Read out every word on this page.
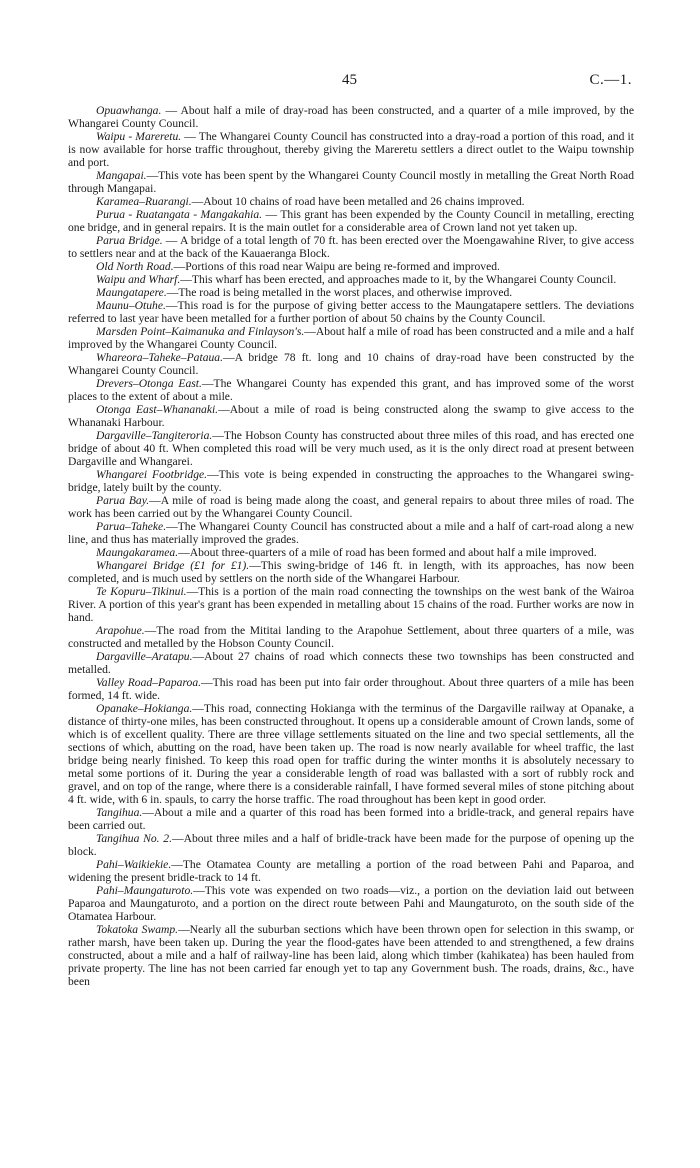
45	C.—1.

Opuawhanga. — About half a mile of dray-road has been constructed, and a quarter of a mile improved, by the Whangarei County Council.

Waipu - Mareretu. — The Whangarei County Council has constructed into a dray-road a portion of this road, and it is now available for horse traffic throughout, thereby giving the Mareretu settlers a direct outlet to the Waipu township and port.

Mangapai.—This vote has been spent by the Whangarei County Council mostly in metalling the Great North Road through Mangapai.

Karamea–Ruarangi.—About 10 chains of road have been metalled and 26 chains improved.

Purua - Ruatangata - Mangakahia. — This grant has been expended by the County Council in metalling, erecting one bridge, and in general repairs. It is the main outlet for a considerable area of Crown land not yet taken up.

Parua Bridge. — A bridge of a total length of 70 ft. has been erected over the Moengawahine River, to give access to settlers near and at the back of the Kauaeranga Block.

Old North Road.—Portions of this road near Waipu are being re-formed and improved.

Waipu and Wharf.—This wharf has been erected, and approaches made to it, by the Whangarei County Council.

Maungatapere.—The road is being metalled in the worst places, and otherwise improved.

Maunu–Otuhe.—This road is for the purpose of giving better access to the Maungatapere settlers. The deviations referred to last year have been metalled for a further portion of about 50 chains by the County Council.

Marsden Point–Kaimanuka and Finlayson's.—About half a mile of road has been constructed and a mile and a half improved by the Whangarei County Council.

Whareora–Taheke–Pataua.—A bridge 78 ft. long and 10 chains of dray-road have been constructed by the Whangarei County Council.

Drevers–Otonga East.—The Whangarei County has expended this grant, and has improved some of the worst places to the extent of about a mile.

Otonga East–Whananaki.—About a mile of road is being constructed along the swamp to give access to the Whananaki Harbour.

Dargaville–Tangiteroria.—The Hobson County has constructed about three miles of this road, and has erected one bridge of about 40 ft. When completed this road will be very much used, as it is the only direct road at present between Dargaville and Whangarei.

Whangarei Footbridge.—This vote is being expended in constructing the approaches to the Whangarei swing-bridge, lately built by the county.

Parua Bay.—A mile of road is being made along the coast, and general repairs to about three miles of road. The work has been carried out by the Whangarei County Council.

Parua–Taheke.—The Whangarei County Council has constructed about a mile and a half of cart-road along a new line, and thus has materially improved the grades.

Maungakaramea.—About three-quarters of a mile of road has been formed and about half a mile improved.

Whangarei Bridge (£1 for £1).—This swing-bridge of 146 ft. in length, with its approaches, has now been completed, and is much used by settlers on the north side of the Whangarei Harbour.

Te Kopuru–Tikinui.—This is a portion of the main road connecting the townships on the west bank of the Wairoa River. A portion of this year's grant has been expended in metalling about 15 chains of the road. Further works are now in hand.

Arapohue.—The road from the Mititai landing to the Arapohue Settlement, about three quarters of a mile, was constructed and metalled by the Hobson County Council.

Dargaville–Aratapu.—About 27 chains of road which connects these two townships has been constructed and metalled.

Valley Road–Paparoa.—This road has been put into fair order throughout. About three quarters of a mile has been formed, 14 ft. wide.

Opanake–Hokianga.—This road, connecting Hokianga with the terminus of the Dargaville railway at Opanake, a distance of thirty-one miles, has been constructed throughout. It opens up a considerable amount of Crown lands, some of which is of excellent quality. There are three village settlements situated on the line and two special settlements, all the sections of which, abutting on the road, have been taken up. The road is now nearly available for wheel traffic, the last bridge being nearly finished. To keep this road open for traffic during the winter months it is absolutely necessary to metal some portions of it. During the year a considerable length of road was ballasted with a sort of rubbly rock and gravel, and on top of the range, where there is a considerable rainfall, I have formed several miles of stone pitching about 4 ft. wide, with 6 in. spauls, to carry the horse traffic. The road throughout has been kept in good order.

Tangihua.—About a mile and a quarter of this road has been formed into a bridle-track, and general repairs have been carried out.

Tangihua No. 2.—About three miles and a half of bridle-track have been made for the purpose of opening up the block.

Pahi–Waikiekie.—The Otamatea County are metalling a portion of the road between Pahi and Paparoa, and widening the present bridle-track to 14 ft.

Pahi–Maungaturoto.—This vote was expended on two roads—viz., a portion on the deviation laid out between Paparoa and Maungaturoto, and a portion on the direct route between Pahi and Maungaturoto, on the south side of the Otamatea Harbour.

Tokatoka Swamp.—Nearly all the suburban sections which have been thrown open for selection in this swamp, or rather marsh, have been taken up. During the year the flood-gates have been attended to and strengthened, a few drains constructed, about a mile and a half of railway-line has been laid, along which timber (kahikatea) has been hauled from private property. The line has not been carried far enough yet to tap any Government bush. The roads, drains, &c., have been
